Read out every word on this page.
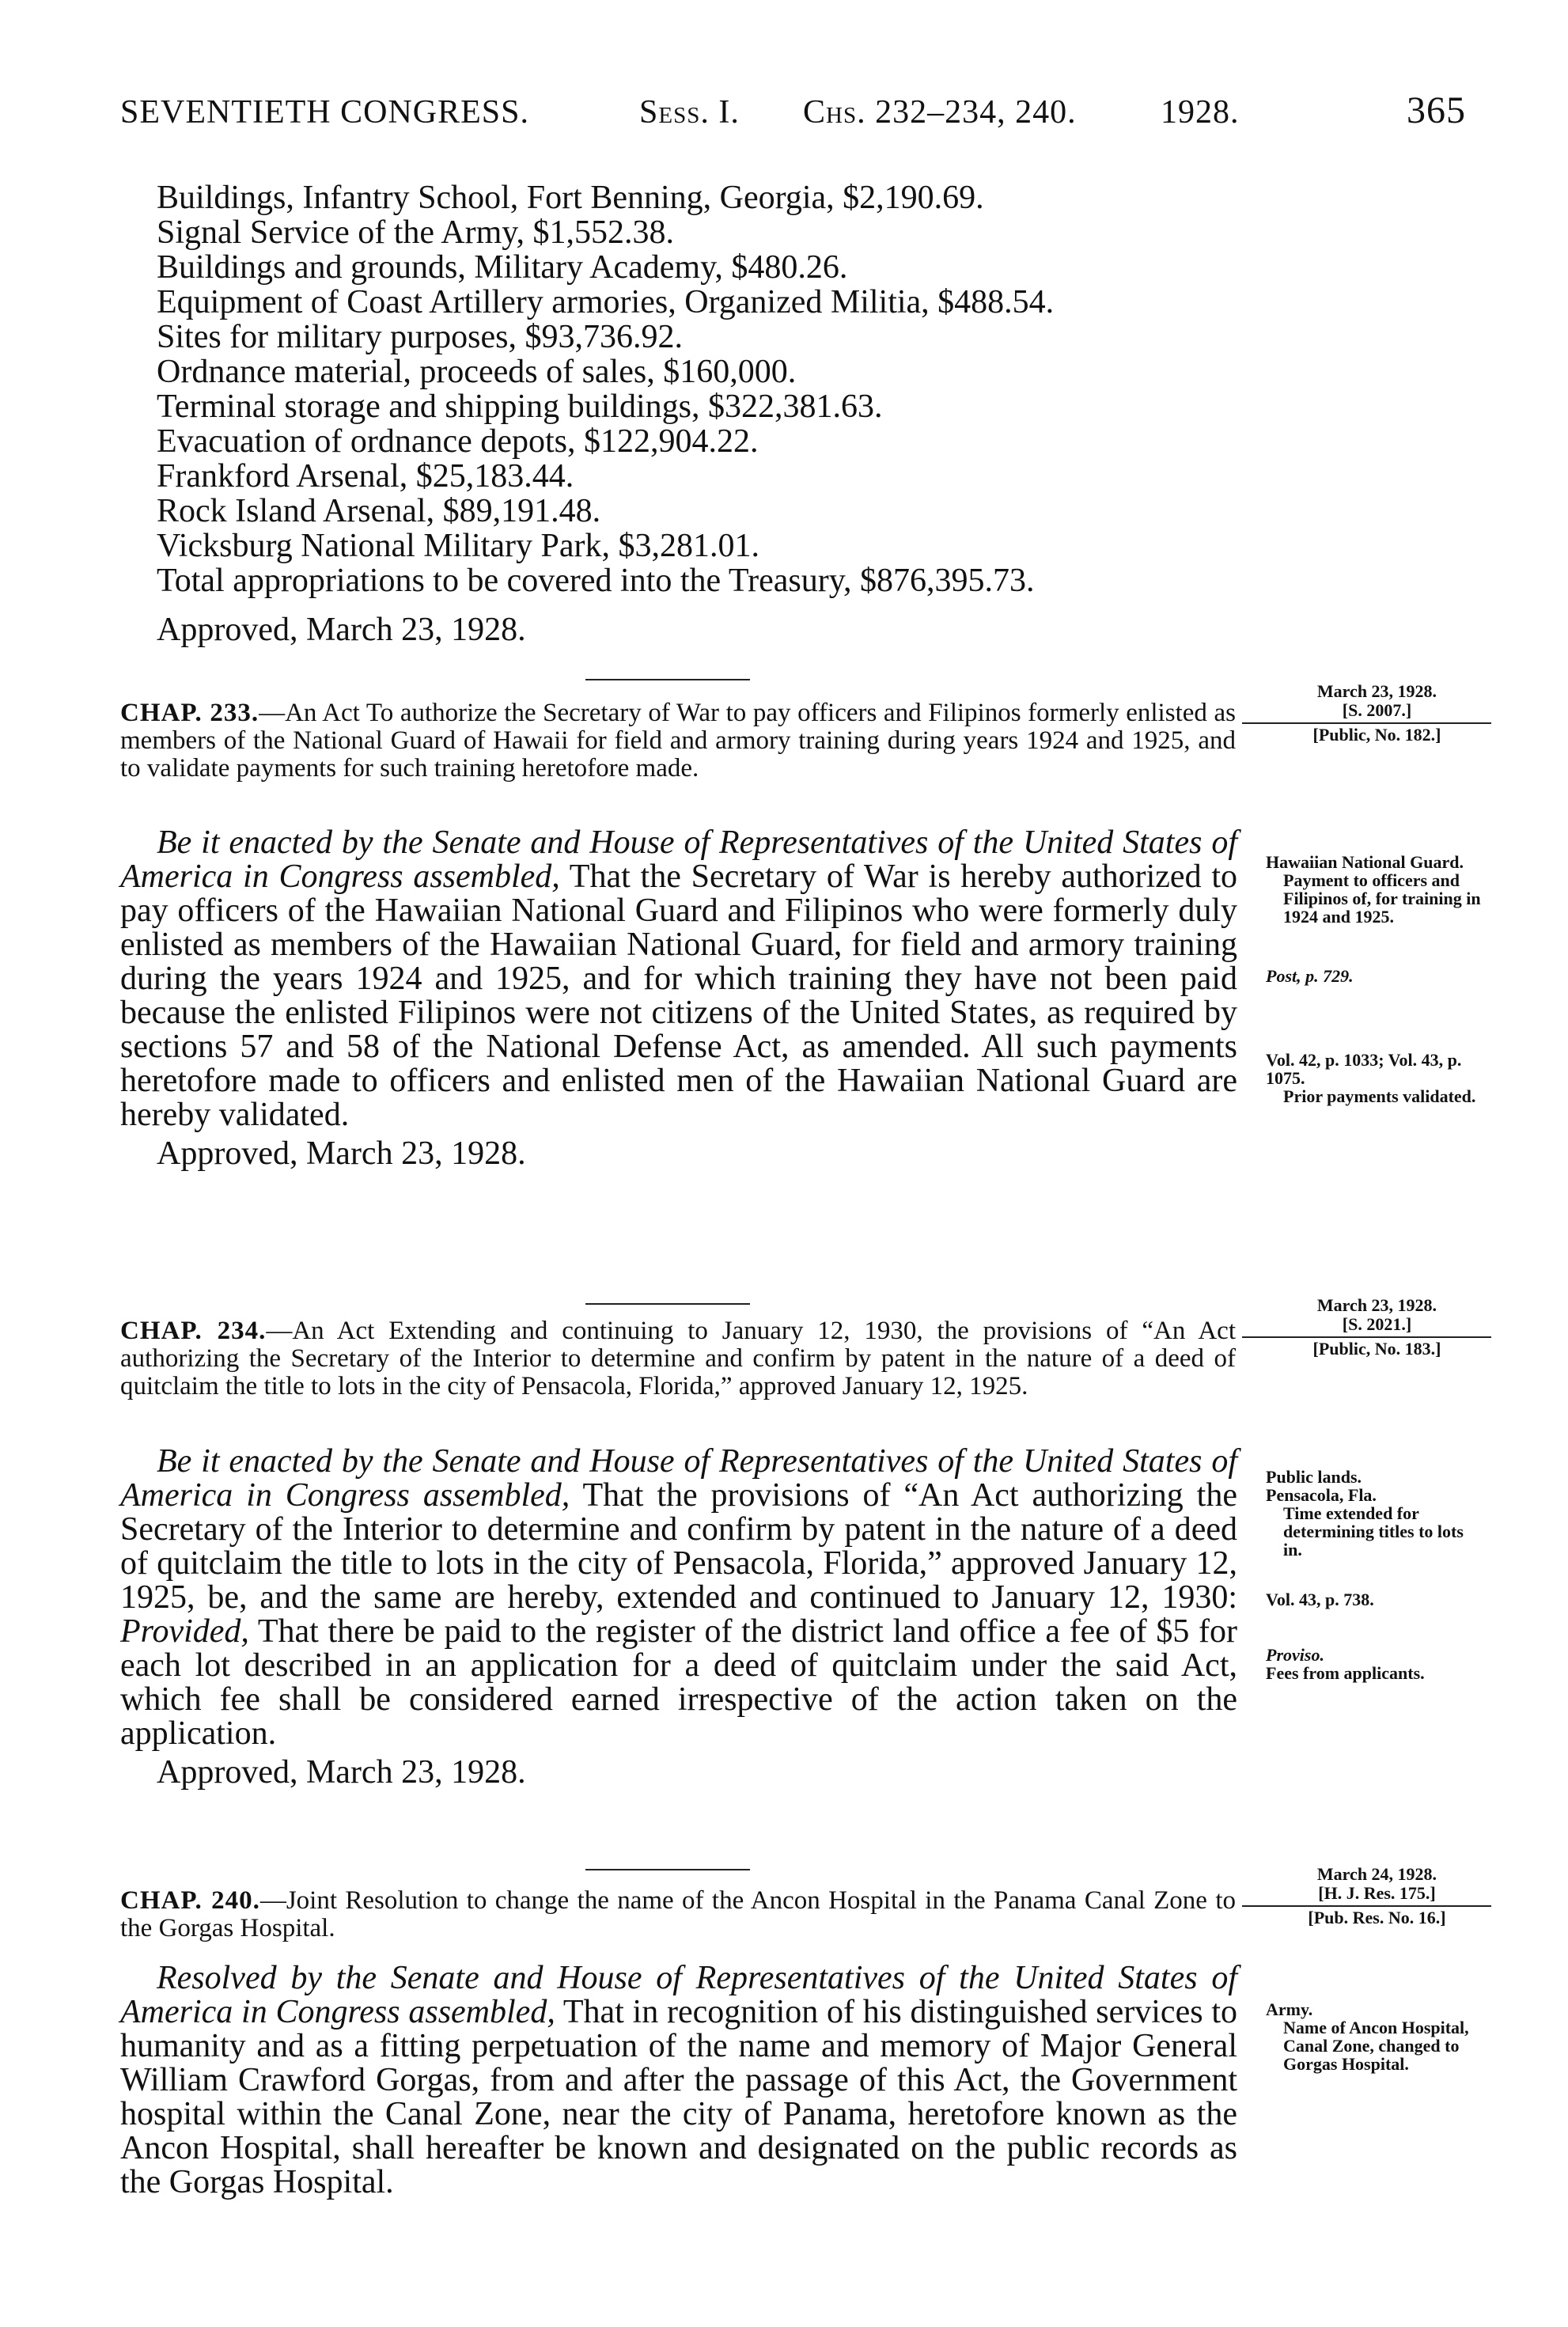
SEVENTIETH CONGRESS.	Sess. I. Chs. 232–234, 240.	1928.	365
Buildings, Infantry School, Fort Benning, Georgia, $2,190.69.
Signal Service of the Army, $1,552.38.
Buildings and grounds, Military Academy, $480.26.
Equipment of Coast Artillery armories, Organized Militia, $488.54.
Sites for military purposes, $93,736.92.
Ordnance material, proceeds of sales, $160,000.
Terminal storage and shipping buildings, $322,381.63.
Evacuation of ordnance depots, $122,904.22.
Frankford Arsenal, $25,183.44.
Rock Island Arsenal, $89,191.48.
Vicksburg National Military Park, $3,281.01.
Total appropriations to be covered into the Treasury, $876,395.73.
Approved, March 23, 1928.
March 23, 1928.
[S. 2007.]
[Public, No. 182.]
CHAP. 233.—An Act To authorize the Secretary of War to pay officers and Filipinos formerly enlisted as members of the National Guard of Hawaii for field and armory training during years 1924 and 1925, and to validate payments for such training heretofore made.

Be it enacted by the Senate and House of Representatives of the United States of America in Congress assembled, That the Secretary of War is hereby authorized to pay officers of the Hawaiian National Guard and Filipinos who were formerly duly enlisted as members of the Hawaiian National Guard, for field and armory training during the years 1924 and 1925, and for which training they have not been paid because the enlisted Filipinos were not citizens of the United States, as required by sections 57 and 58 of the National Defense Act, as amended. All such payments heretofore made to officers and enlisted men of the Hawaiian National Guard are hereby validated.

Approved, March 23, 1928.

Hawaiian National Guard.
Payment to officers and Filipinos of, for training in 1924 and 1925.
Post, p. 729.
Vol. 42, p. 1033; Vol. 43, p. 1075.
Prior payments validated.
March 23, 1928.
[S. 2021.]
[Public, No. 183.]
CHAP. 234.—An Act Extending and continuing to January 12, 1930, the provisions of “An Act authorizing the Secretary of the Interior to determine and confirm by patent in the nature of a deed of quitclaim the title to lots in the city of Pensacola, Florida,” approved January 12, 1925.

Be it enacted by the Senate and House of Representatives of the United States of America in Congress assembled, That the provisions of “An Act authorizing the Secretary of the Interior to determine and confirm by patent in the nature of a deed of quitclaim the title to lots in the city of Pensacola, Florida,” approved January 12, 1925, be, and the same are hereby, extended and continued to January 12, 1930: Provided, That there be paid to the register of the district land office a fee of $5 for each lot described in an application for a deed of quitclaim under the said Act, which fee shall be considered earned irrespective of the action taken on the application.

Approved, March 23, 1928.

Public lands.
Pensacola, Fla.
Time extended for determining titles to lots in.
Vol. 43, p. 738.
Proviso.
Fees from applicants.
March 24, 1928.
[H. J. Res. 175.]
[Pub. Res. No. 16.]
CHAP. 240.—Joint Resolution to change the name of the Ancon Hospital in the Panama Canal Zone to the Gorgas Hospital.

Resolved by the Senate and House of Representatives of the United States of America in Congress assembled, That in recognition of his distinguished services to humanity and as a fitting perpetuation of the name and memory of Major General William Crawford Gorgas, from and after the passage of this Act, the Government hospital within the Canal Zone, near the city of Panama, heretofore known as the Ancon Hospital, shall hereafter be known and designated on the public records as the Gorgas Hospital.

Army.
Name of Ancon Hospital, Canal Zone, changed to Gorgas Hospital.
